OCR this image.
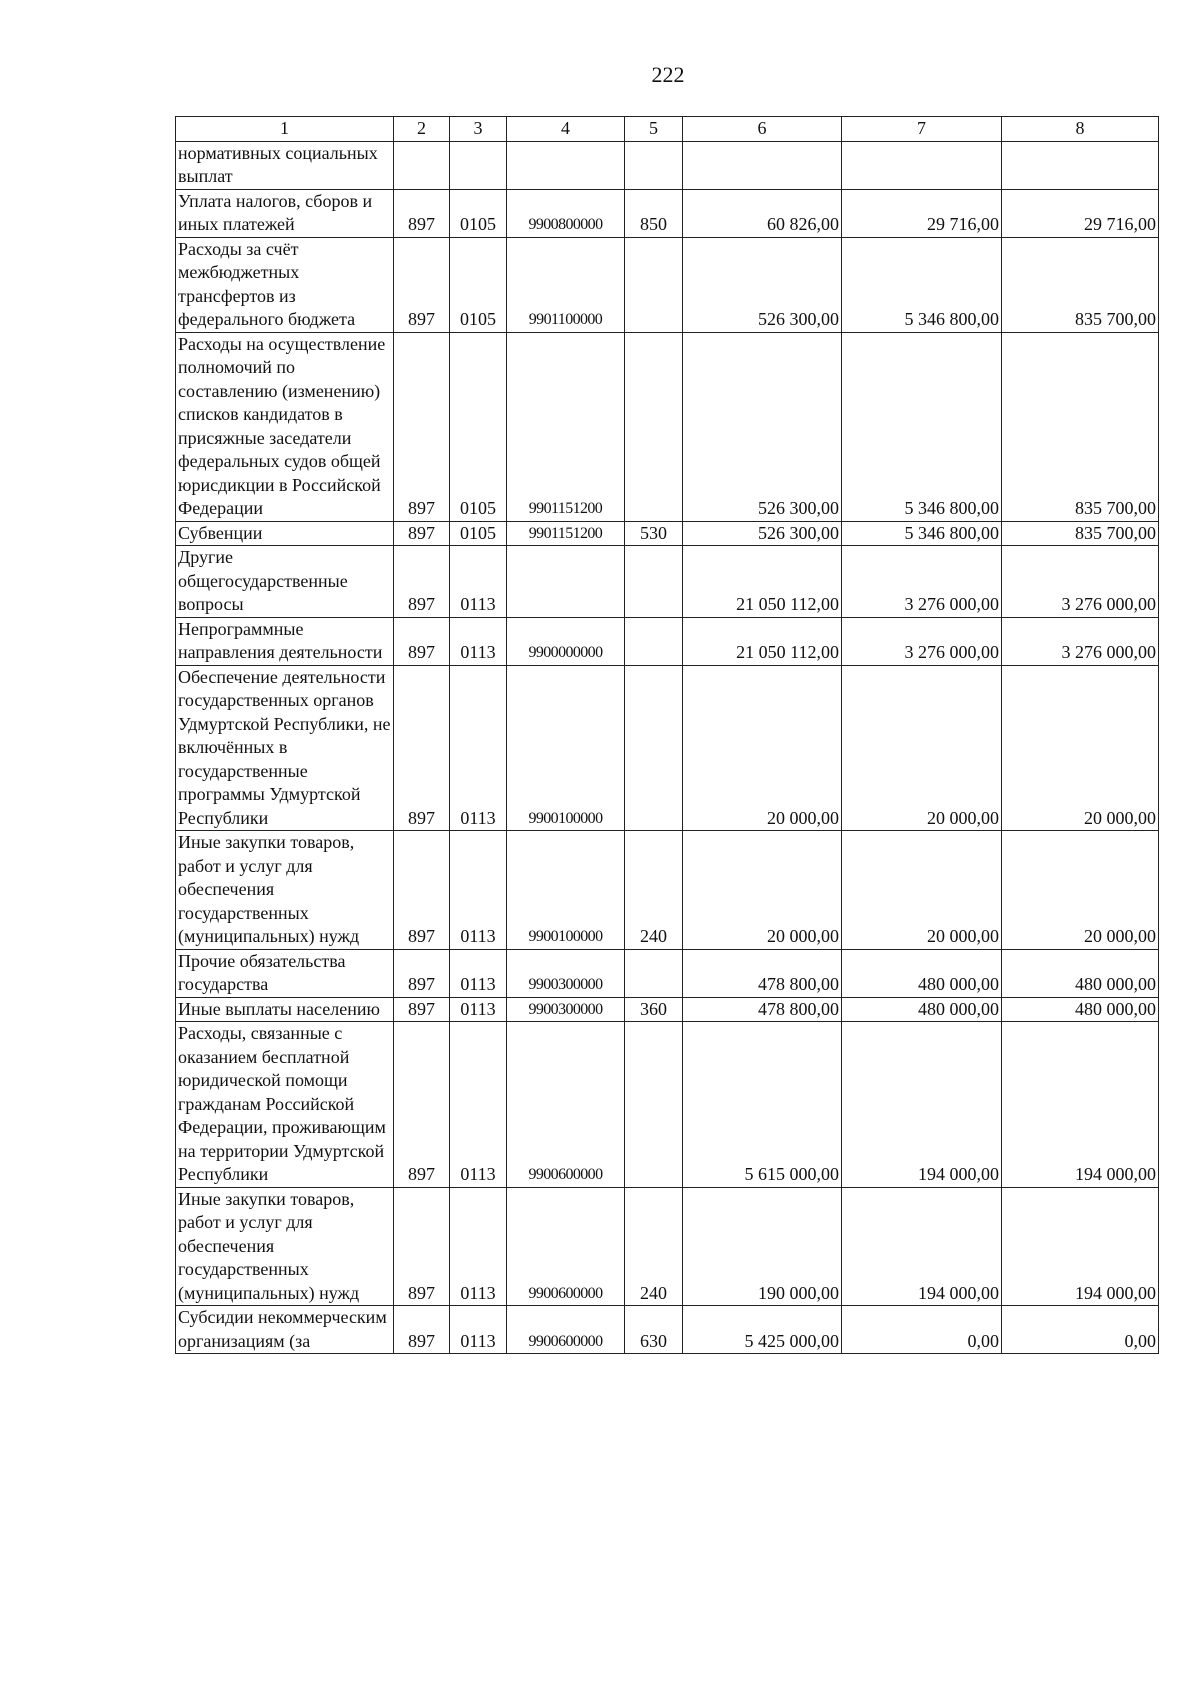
222
1	2	3	4	5	6	7	8
нормативных социальных выплат							
Уплата налогов, сборов и иных платежей	897	0105	9900800000	850	60 826,00	29 716,00	29 716,00
Расходы за счёт межбюджетных трансфертов из федерального бюджета	897	0105	9901100000		526 300,00	5 346 800,00	835 700,00
Расходы на осуществление полномочий по составлению (изменению) списков кандидатов в присяжные заседатели федеральных судов общей юрисдикции в Российской Федерации	897	0105	9901151200		526 300,00	5 346 800,00	835 700,00
Субвенции	897	0105	9901151200	530	526 300,00	5 346 800,00	835 700,00
Другие общегосударственные вопросы	897	0113			21 050 112,00	3 276 000,00	3 276 000,00
Непрограммные направления деятельности	897	0113	9900000000		21 050 112,00	3 276 000,00	3 276 000,00
Обеспечение деятельности государственных органов Удмуртской Республики, не включённых в государственные программы Удмуртской Республики	897	0113	9900100000		20 000,00	20 000,00	20 000,00
Иные закупки товаров, работ и услуг для обеспечения государственных (муниципальных) нужд	897	0113	9900100000	240	20 000,00	20 000,00	20 000,00
Прочие обязательства государства	897	0113	9900300000		478 800,00	480 000,00	480 000,00
Иные выплаты населению	897	0113	9900300000	360	478 800,00	480 000,00	480 000,00
Расходы, связанные с оказанием бесплатной юридической помощи гражданам Российской Федерации, проживающим на территории Удмуртской Республики	897	0113	9900600000		5 615 000,00	194 000,00	194 000,00
Иные закупки товаров, работ и услуг для обеспечения государственных (муниципальных) нужд	897	0113	9900600000	240	190 000,00	194 000,00	194 000,00
Субсидии некоммерческим организациям (за	897	0113	9900600000	630	5 425 000,00	0,00	0,00
